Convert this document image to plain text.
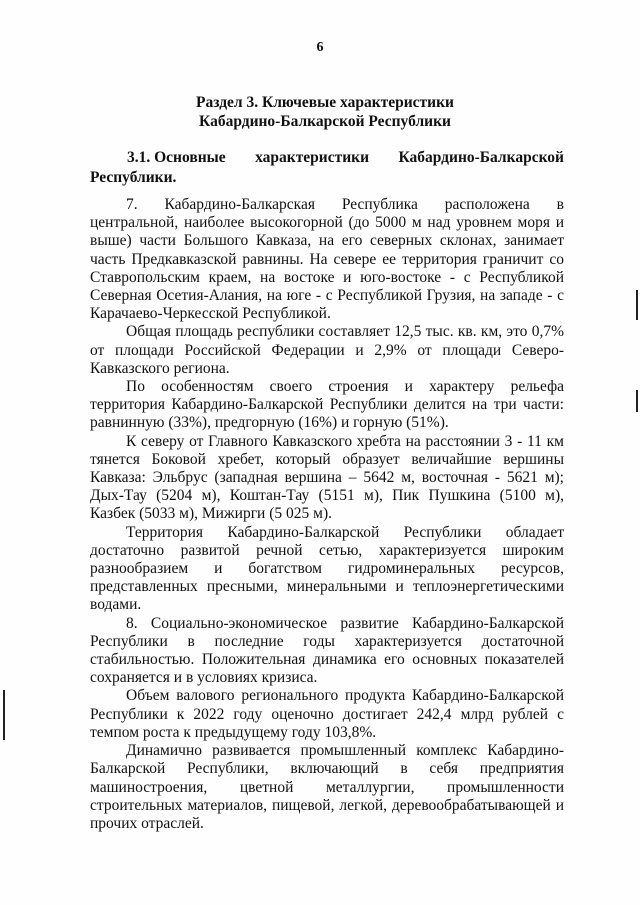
6
Раздел 3. Ключевые характеристики
Кабардино-Балкарской Республики
3.1. Основные характеристики Кабардино-Балкарской
Республики.

7. Кабардино-Балкарская Республика расположена в центральной, наиболее высокогорной (до 5000 м над уровнем моря и выше) части Большого Кавказа, на его северных склонах, занимает часть Предкавказской равнины. На севере ее территория граничит со Ставропольским краем, на востоке и юго-востоке - с Республикой Северная Осетия-Алания, на юге - с Республикой Грузия, на западе - с Карачаево-Черкесской Республикой.

Общая площадь республики составляет 12,5 тыс. кв. км, это 0,7% от площади Российской Федерации и 2,9% от площади Северо-Кавказского региона.

По особенностям своего строения и характеру рельефа территория Кабардино-Балкарской Республики делится на три части: равнинную (33%), предгорную (16%) и горную (51%).

К северу от Главного Кавказского хребта на расстоянии 3 - 11 км тянется Боковой хребет, который образует величайшие вершины Кавказа: Эльбрус (западная вершина – 5642 м, восточная - 5621 м); Дых-Тау (5204 м), Коштан-Тау (5151 м), Пик Пушкина (5100 м), Казбек (5033 м), Мижирги (5 025 м).

Территория Кабардино-Балкарской Республики обладает достаточно развитой речной сетью, характеризуется широким разнообразием и богатством гидроминеральных ресурсов, представленных пресными, минеральными и теплоэнергетическими водами.

8. Социально-экономическое развитие Кабардино-Балкарской Республики в последние годы характеризуется достаточной стабильностью. Положительная динамика его основных показателей сохраняется и в условиях кризиса.

Объем валового регионального продукта Кабардино-Балкарской Республики к 2022 году оценочно достигает 242,4 млрд рублей с темпом роста к предыдущему году 103,8%.

Динамично развивается промышленный комплекс Кабардино-Балкарской Республики, включающий в себя предприятия машиностроения, цветной металлургии, промышленности строительных материалов, пищевой, легкой, деревообрабатывающей и прочих отраслей.
